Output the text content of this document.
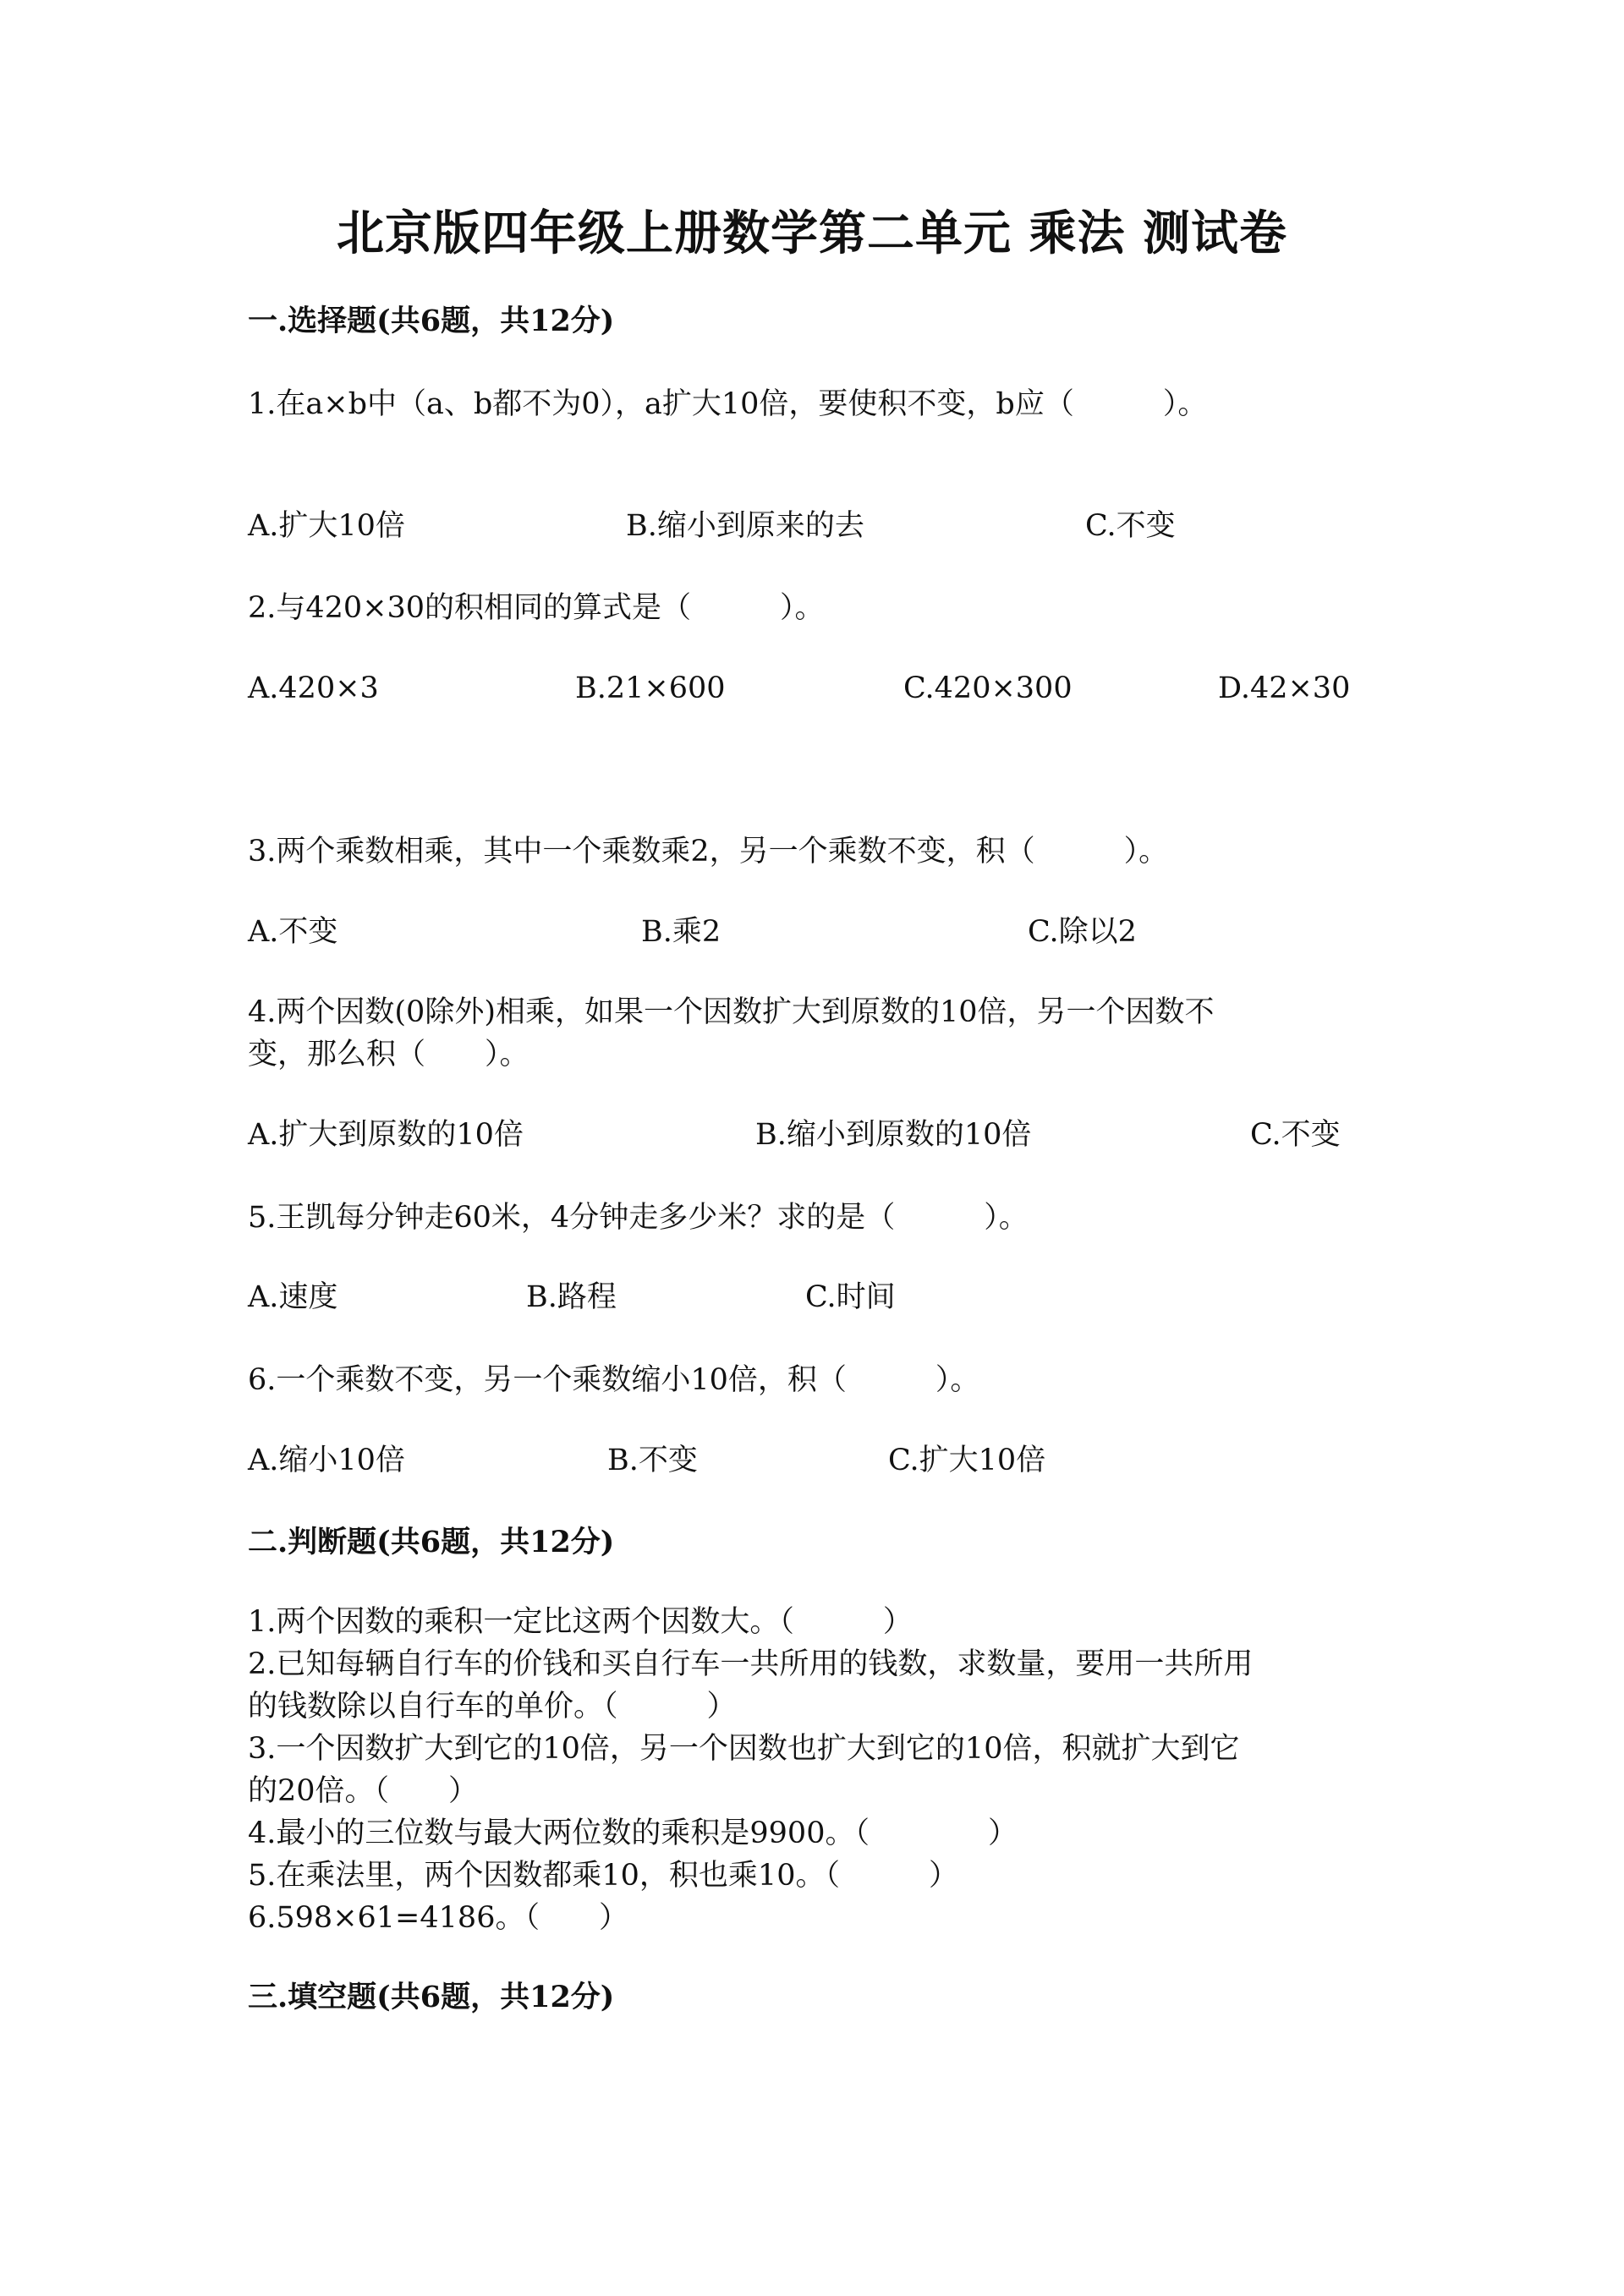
北京版四年级上册数学第二单元 乘法 测试卷
一.选择题(共6题，共12分)
1.在a×b中（a、b都不为0），a扩大10倍，要使积不变，b应（　　　）。
A.扩大10倍	B.缩小到原来的去	C.不变
2.与420×30的积相同的算式是（　　　）。
A.420×3	B.21×600	C.420×300	D.42×30
3.两个乘数相乘，其中一个乘数乘2，另一个乘数不变，积（　　　）。
A.不变	B.乘2	C.除以2
4.两个因数(0除外)相乘，如果一个因数扩大到原数的10倍，另一个因数不
变，那么积（　　）。
A.扩大到原数的10倍	B.缩小到原数的10倍	C.不变
5.王凯每分钟走60米，4分钟走多少米？求的是（　　　）。
A.速度	B.路程	C.时间
6.一个乘数不变，另一个乘数缩小10倍，积（　　　）。
A.缩小10倍	B.不变	C.扩大10倍
二.判断题(共6题，共12分)
1.两个因数的乘积一定比这两个因数大。（　　　）
2.已知每辆自行车的价钱和买自行车一共所用的钱数，求数量，要用一共所用
的钱数除以自行车的单价。（　　　）
3.一个因数扩大到它的10倍，另一个因数也扩大到它的10倍，积就扩大到它
的20倍。（　　）
4.最小的三位数与最大两位数的乘积是9900。（　　　　）
5.在乘法里，两个因数都乘10，积也乘10。（　　　）
6.598×61=4186。（　　）
三.填空题(共6题，共12分)
